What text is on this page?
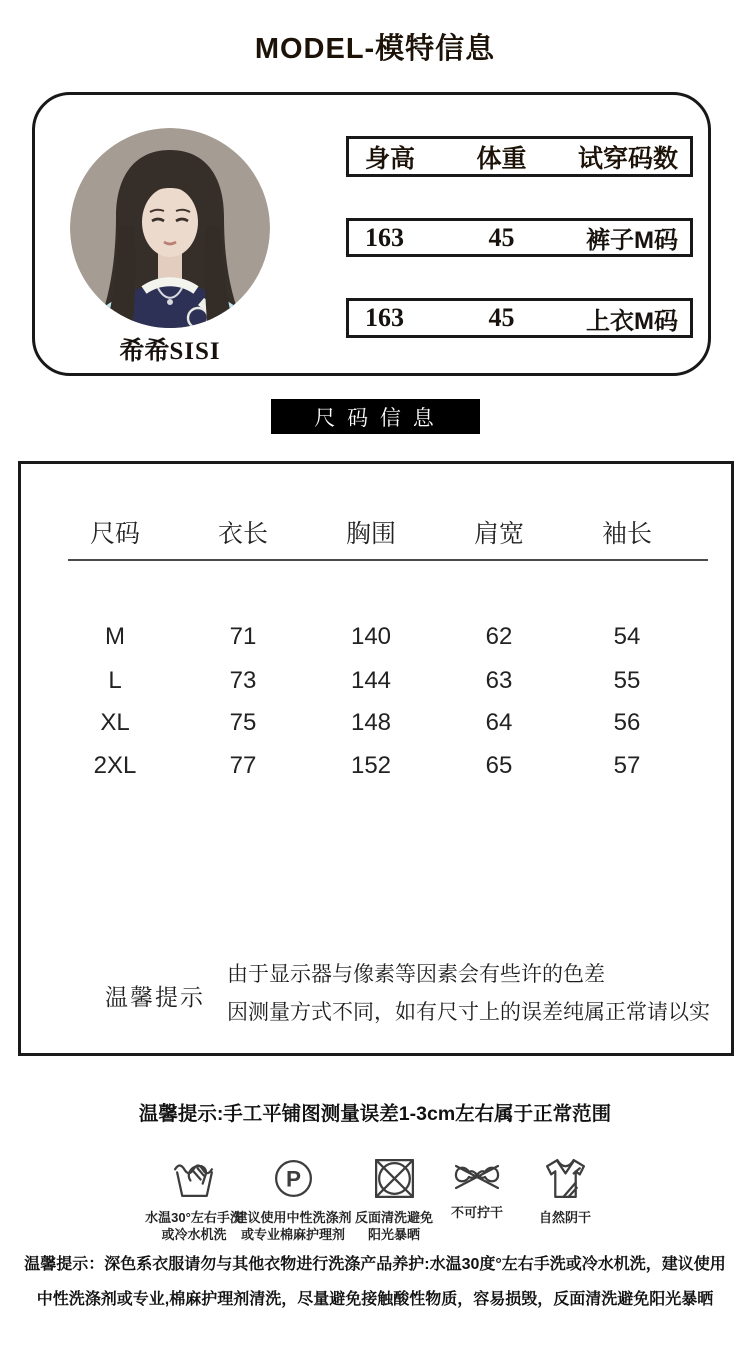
MODEL-模特信息
希希SISI
身高	体重	试穿码数
163	45	裤子M码
163	45	上衣M码
尺 码 信 息
尺码	衣长	胸围	肩宽	袖长
M	71	140	62	54
L	73	144	63	55
XL	75	148	64	56
2XL	77	152	65	57
温馨提示
由于显示器与像素等因素会有些许的色差
因测量方式不同，如有尺寸上的误差纯属正常请以实
温馨提示:手工平铺图测量误差1-3cm左右属于正常范围
水温30°左右手洗
或冷水机洗
P
建议使用中性洗涤剂
或专业棉麻护理剂
反面清洗避免
阳光暴晒
不可拧干	自然阴干
温馨提示：深色系衣服请勿与其他衣物进行洗涤产品养护:水温30度°左右手洗或冷水机洗，建议使用
中性洗涤剂或专业,棉麻护理剂清洗，尽量避免接触酸性物质，容易损毁，反面清洗避免阳光暴晒
